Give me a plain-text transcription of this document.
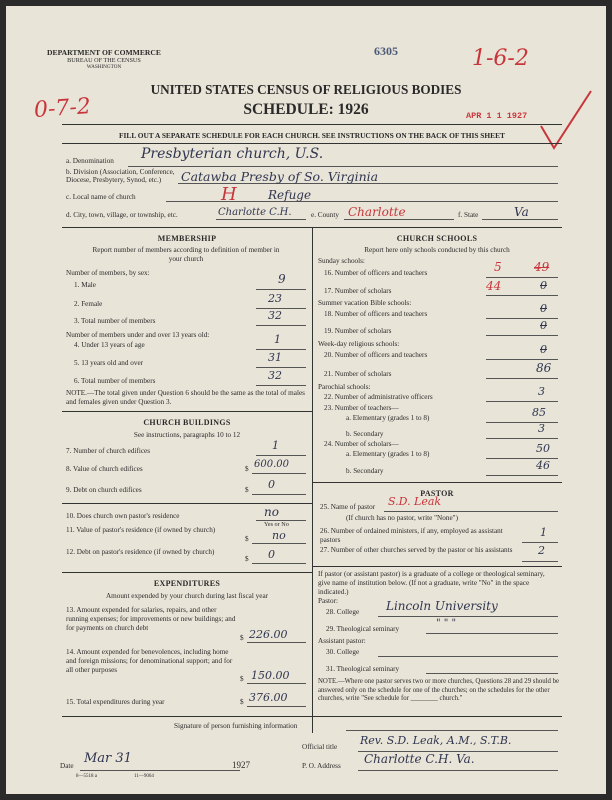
DEPARTMENT OF COMMERCE
BUREAU OF THE CENSUS
WASHINGTON
6305	1-6-2
UNITED STATES CENSUS OF RELIGIOUS BODIES
SCHEDULE: 1926
0-7-2	APR 1 1 1927
FILL OUT A SEPARATE SCHEDULE FOR EACH CHURCH. SEE INSTRUCTIONS ON THE BACK OF THIS SHEET
a. Denomination Presbyterian church, U.S.
b. Division (Association, Conference, Diocese, Presbytery, Synod, etc.)	Catawba Presby of So. Virginia
c. Local name of church	Refuge
H
d. City, town, village, or township, etc.	Charlotte C.H.	e. County Charlotte	f. State	Va
MEMBERSHIP
Report number of members according to definition of member in your church
Number of members, by sex:
1. Male	9
2. Female	23
3. Total number of members	32
Number of members under and over 13 years old:
4. Under 13 years of age	1
5. 13 years old and over	31
6. Total number of members	32
NOTE.—The total given under Question 6 should be the same as the total of males and females given under Question 3.
CHURCH BUILDINGS
See instructions, paragraphs 10 to 12
7. Number of church edifices	1
8. Value of church edifices	$ 600.00
9. Debt on church edifices	$ 0
10. Does church own pastor's residence	no
Yes or No
11. Value of pastor's residence (if owned by church)
$ no
12. Debt on pastor's residence (if owned by church)
$ 0
EXPENDITURES
Amount expended by your church during last fiscal year
13. Amount expended for salaries, repairs, and other running expenses; for improvements or new buildings; and for payments on church debt
$ 226.00
14. Amount expended for benevolences, including home and foreign missions; for denominational support; and for all other purposes
$ 150.00
15. Total expenditures during year	$ 376.00
CHURCH SCHOOLS
Report here only schools conducted by this church
Sunday schools:
16. Number of officers and teachers	5	49
17. Number of scholars	44	0
Summer vacation Bible schools:
18. Number of officers and teachers	0
19. Number of scholars	0
Week-day religious schools:
20. Number of officers and teachers	0
21. Number of scholars	86
Parochial schools:
22. Number of administrative officers	3
23. Number of teachers—
a. Elementary (grades 1 to 8)	85
b. Secondary	3
24. Number of scholars—
a. Elementary (grades 1 to 8)	50
b. Secondary	46
PASTOR
25. Name of pastor S.D. Leak
(If church has no pastor, write "None")
26. Number of ordained ministers, if any, employed as assistant pastors
1
27. Number of other churches served by the pastor or his assistants	2
If pastor (or assistant pastor) is a graduate of a college or theological seminary, give name of institution below. (If not a graduate, write "No" in the space indicated.)
Pastor:
28. College Lincoln University
29. Theological seminary	" " "
Assistant pastor:
30. College
31. Theological seminary
NOTE.—Where one pastor serves two or more churches, Questions 28 and 29 should be answered only on the schedule for one of the churches; on the schedules for the other churches, write "See schedule for ________ church."
Signature of person furnishing information
Official title Rev. S.D. Leak, A.M., S.T.B.
Date Mar 31	1927	P. O. Address Charlotte C.H. Va.
8—5518 a	11—9064
